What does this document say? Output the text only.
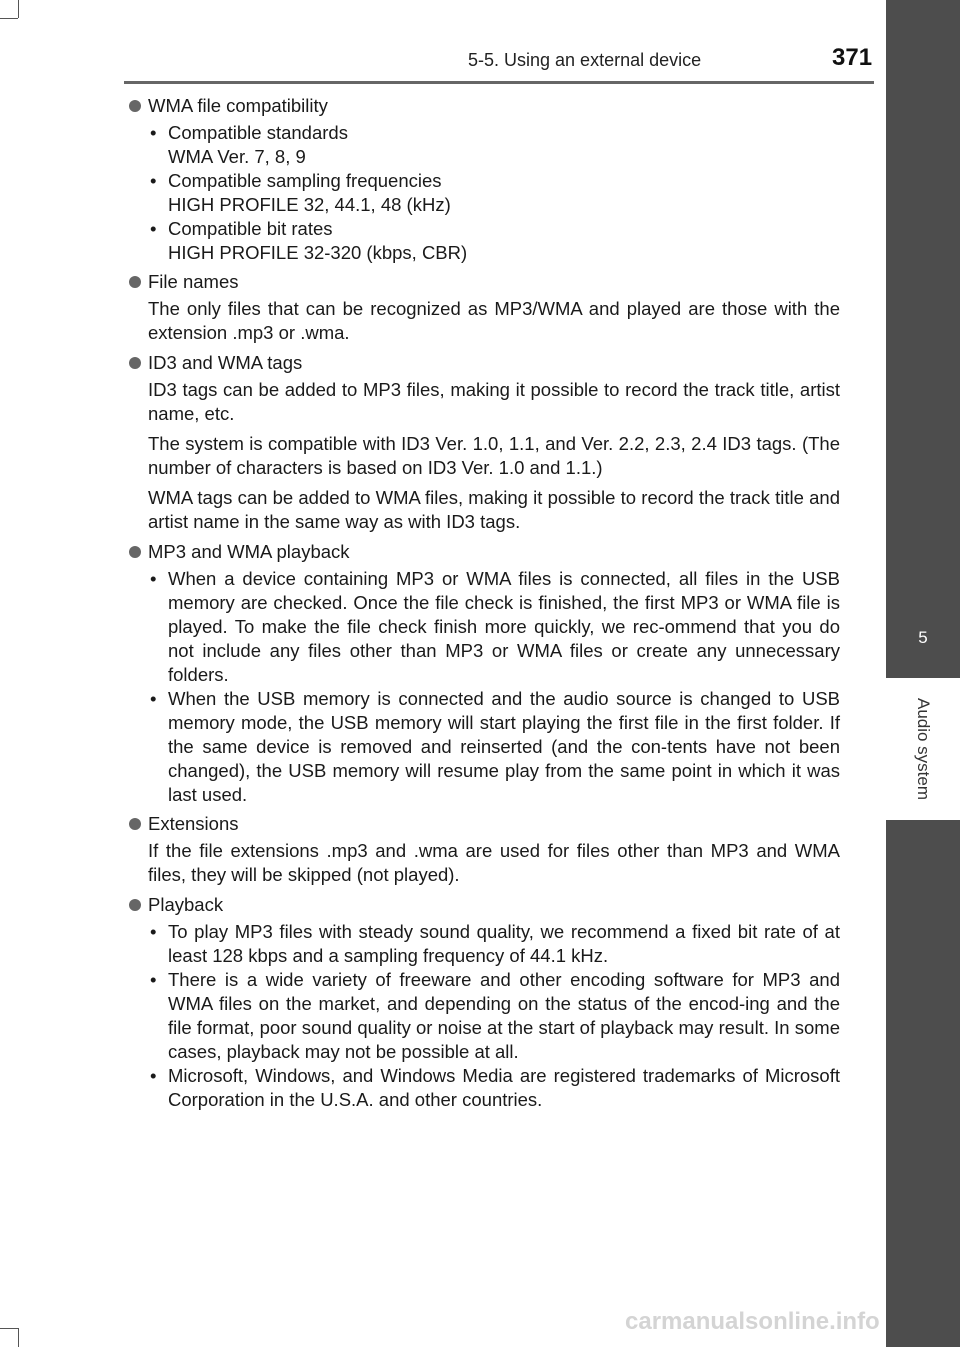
5-5. Using an external device	371
5
Audio system
WMA file compatibility
• Compatible standards
WMA Ver. 7, 8, 9
• Compatible sampling frequencies
HIGH PROFILE 32, 44.1, 48 (kHz)
• Compatible bit rates
HIGH PROFILE 32-320 (kbps, CBR)
File names
The only files that can be recognized as MP3/WMA and played are those with the extension .mp3 or .wma.
ID3 and WMA tags
ID3 tags can be added to MP3 files, making it possible to record the track title, artist name, etc.
The system is compatible with ID3 Ver. 1.0, 1.1, and Ver. 2.2, 2.3, 2.4 ID3 tags. (The number of characters is based on ID3 Ver. 1.0 and 1.1.)
WMA tags can be added to WMA files, making it possible to record the track title and artist name in the same way as with ID3 tags.
MP3 and WMA playback
• When a device containing MP3 or WMA files is connected, all files in the USB memory are checked. Once the file check is finished, the first MP3 or WMA file is played. To make the file check finish more quickly, we rec-ommend that you do not include any files other than MP3 or WMA files or create any unnecessary folders.
• When the USB memory is connected and the audio source is changed to USB memory mode, the USB memory will start playing the first file in the first folder. If the same device is removed and reinserted (and the con-tents have not been changed), the USB memory will resume play from the same point in which it was last used.
Extensions
If the file extensions .mp3 and .wma are used for files other than MP3 and WMA files, they will be skipped (not played).
Playback
• To play MP3 files with steady sound quality, we recommend a fixed bit rate of at least 128 kbps and a sampling frequency of 44.1 kHz.
• There is a wide variety of freeware and other encoding software for MP3 and WMA files on the market, and depending on the status of the encod-ing and the file format, poor sound quality or noise at the start of playback may result. In some cases, playback may not be possible at all.
• Microsoft, Windows, and Windows Media are registered trademarks of Microsoft Corporation in the U.S.A. and other countries.
carmanualsonline.info
